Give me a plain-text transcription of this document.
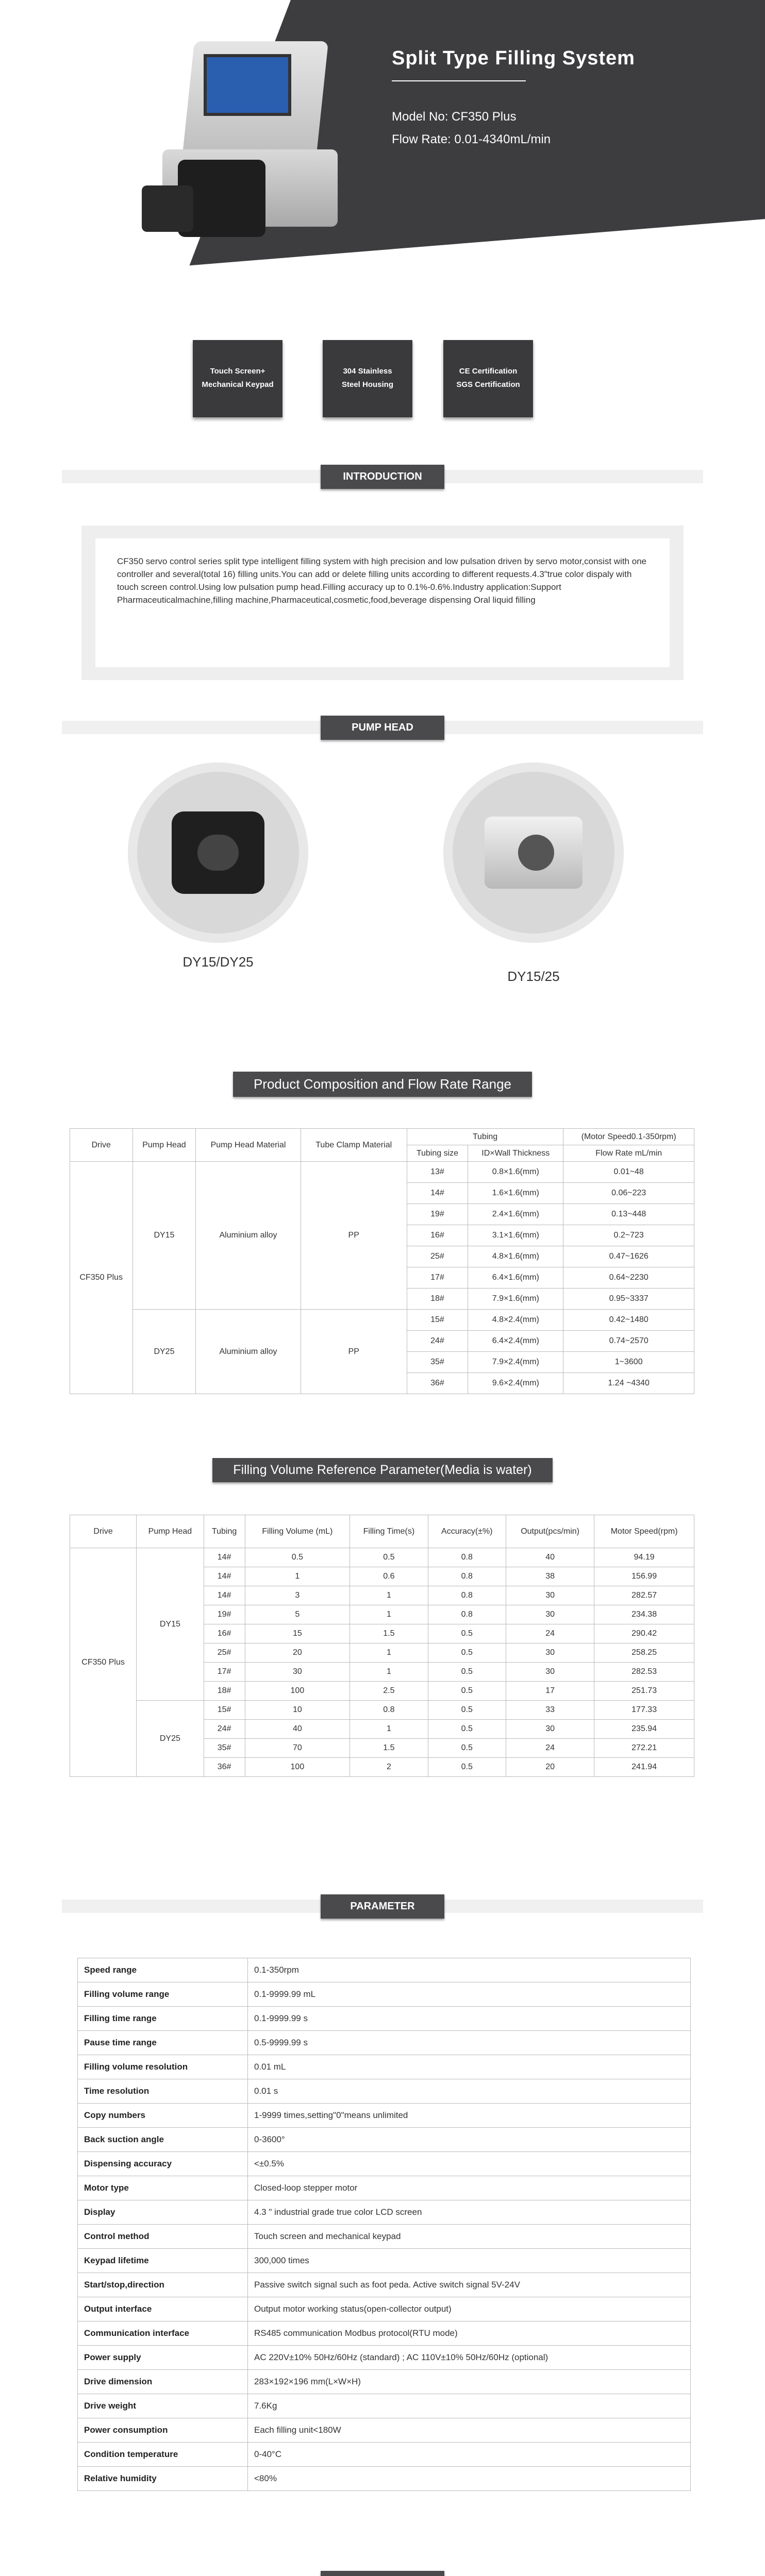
Split Type Filling System
Model No: CF350 Plus
Flow Rate: 0.01-4340mL/min
Touch Screen+
Mechanical Keypad
304 Stainless
Steel Housing
CE Certification
SGS Certification
INTRODUCTION
CF350 servo control series split type intelligent filling system with high precision and low pulsation driven by servo motor,consist with one controller and several(total 16) filling units.You can add or delete filling units according to different requests.4.3"true color dispaly with touch screen control.Using low pulsation pump head.Filling accuracy up to 0.1%-0.6%.Industry application:Support Pharmaceuticalmachine,filling machine,Pharmaceutical,cosmetic,food,beverage dispensing Oral liquid filling
PUMP HEAD
DY15/DY25
DY15/25
Product Composition and Flow Rate Range
Drive	Pump Head	Pump Head Material	Tube Clamp Material	Tubing		(Motor Speed0.1-350rpm)
				Tubing size	ID×Wall Thickness	Flow Rate mL/min
CF350 Plus	DY15	Aluminium alloy	PP	13#	0.8×1.6(mm)	0.01~48
				14#	1.6×1.6(mm)	0.06~223
				19#	2.4×1.6(mm)	0.13~448
				16#	3.1×1.6(mm)	0.2~723
				25#	4.8×1.6(mm)	0.47~1626
				17#	6.4×1.6(mm)	0.64~2230
				18#	7.9×1.6(mm)	0.95~3337
	DY25	Aluminium alloy	PP	15#	4.8×2.4(mm)	0.42~1480
				24#	6.4×2.4(mm)	0.74~2570
				35#	7.9×2.4(mm)	1~3600
				36#	9.6×2.4(mm)	1.24 ~4340
Filling Volume Reference Parameter(Media is water)
Drive	Pump Head	Tubing	Filling Volume (mL)	Filling Time(s)	Accuracy(±%)	Output(pcs/min)	Motor Speed(rpm)
CF350 Plus	DY15	14#	0.5	0.5	0.8	40	94.19
		14#	1	0.6	0.8	38	156.99
		14#	3	1	0.8	30	282.57
		19#	5	1	0.8	30	234.38
		16#	15	1.5	0.5	24	290.42
		25#	20	1	0.5	30	258.25
		17#	30	1	0.5	30	282.53
		18#	100	2.5	0.5	17	251.73
	DY25	15#	10	0.8	0.5	33	177.33
		24#	40	1	0.5	30	235.94
		35#	70	1.5	0.5	24	272.21
		36#	100	2	0.5	20	241.94
PARAMETER
Speed range	0.1-350rpm
Filling volume range	0.1-9999.99 mL
Filling time range	0.1-9999.99 s
Pause time range	0.5-9999.99 s
Filling volume resolution	0.01 mL
Time resolution	0.01 s
Copy numbers	1-9999 times,setting"0"means unlimited
Back suction angle	0-3600°
Dispensing accuracy	<±0.5%
Motor type	Closed-loop stepper motor
Display	4.3 " industrial grade true color LCD screen
Control method	Touch screen and mechanical keypad
Keypad lifetime	300,000 times
Start/stop,direction	Passive switch signal such as foot peda. Active switch signal 5V-24V
Output interface	Output motor working status(open-collector output)
Communication interface	RS485 communication Modbus protocol(RTU mode)
Power supply	AC 220V±10% 50Hz/60Hz (standard) ; AC 110V±10% 50Hz/60Hz (optional)
Drive dimension	283×192×196 mm(L×W×H)
Drive weight	7.6Kg
Power consumption	Each filling unit<180W
Condition temperature	0-40°C
Relative humidity	<80%
